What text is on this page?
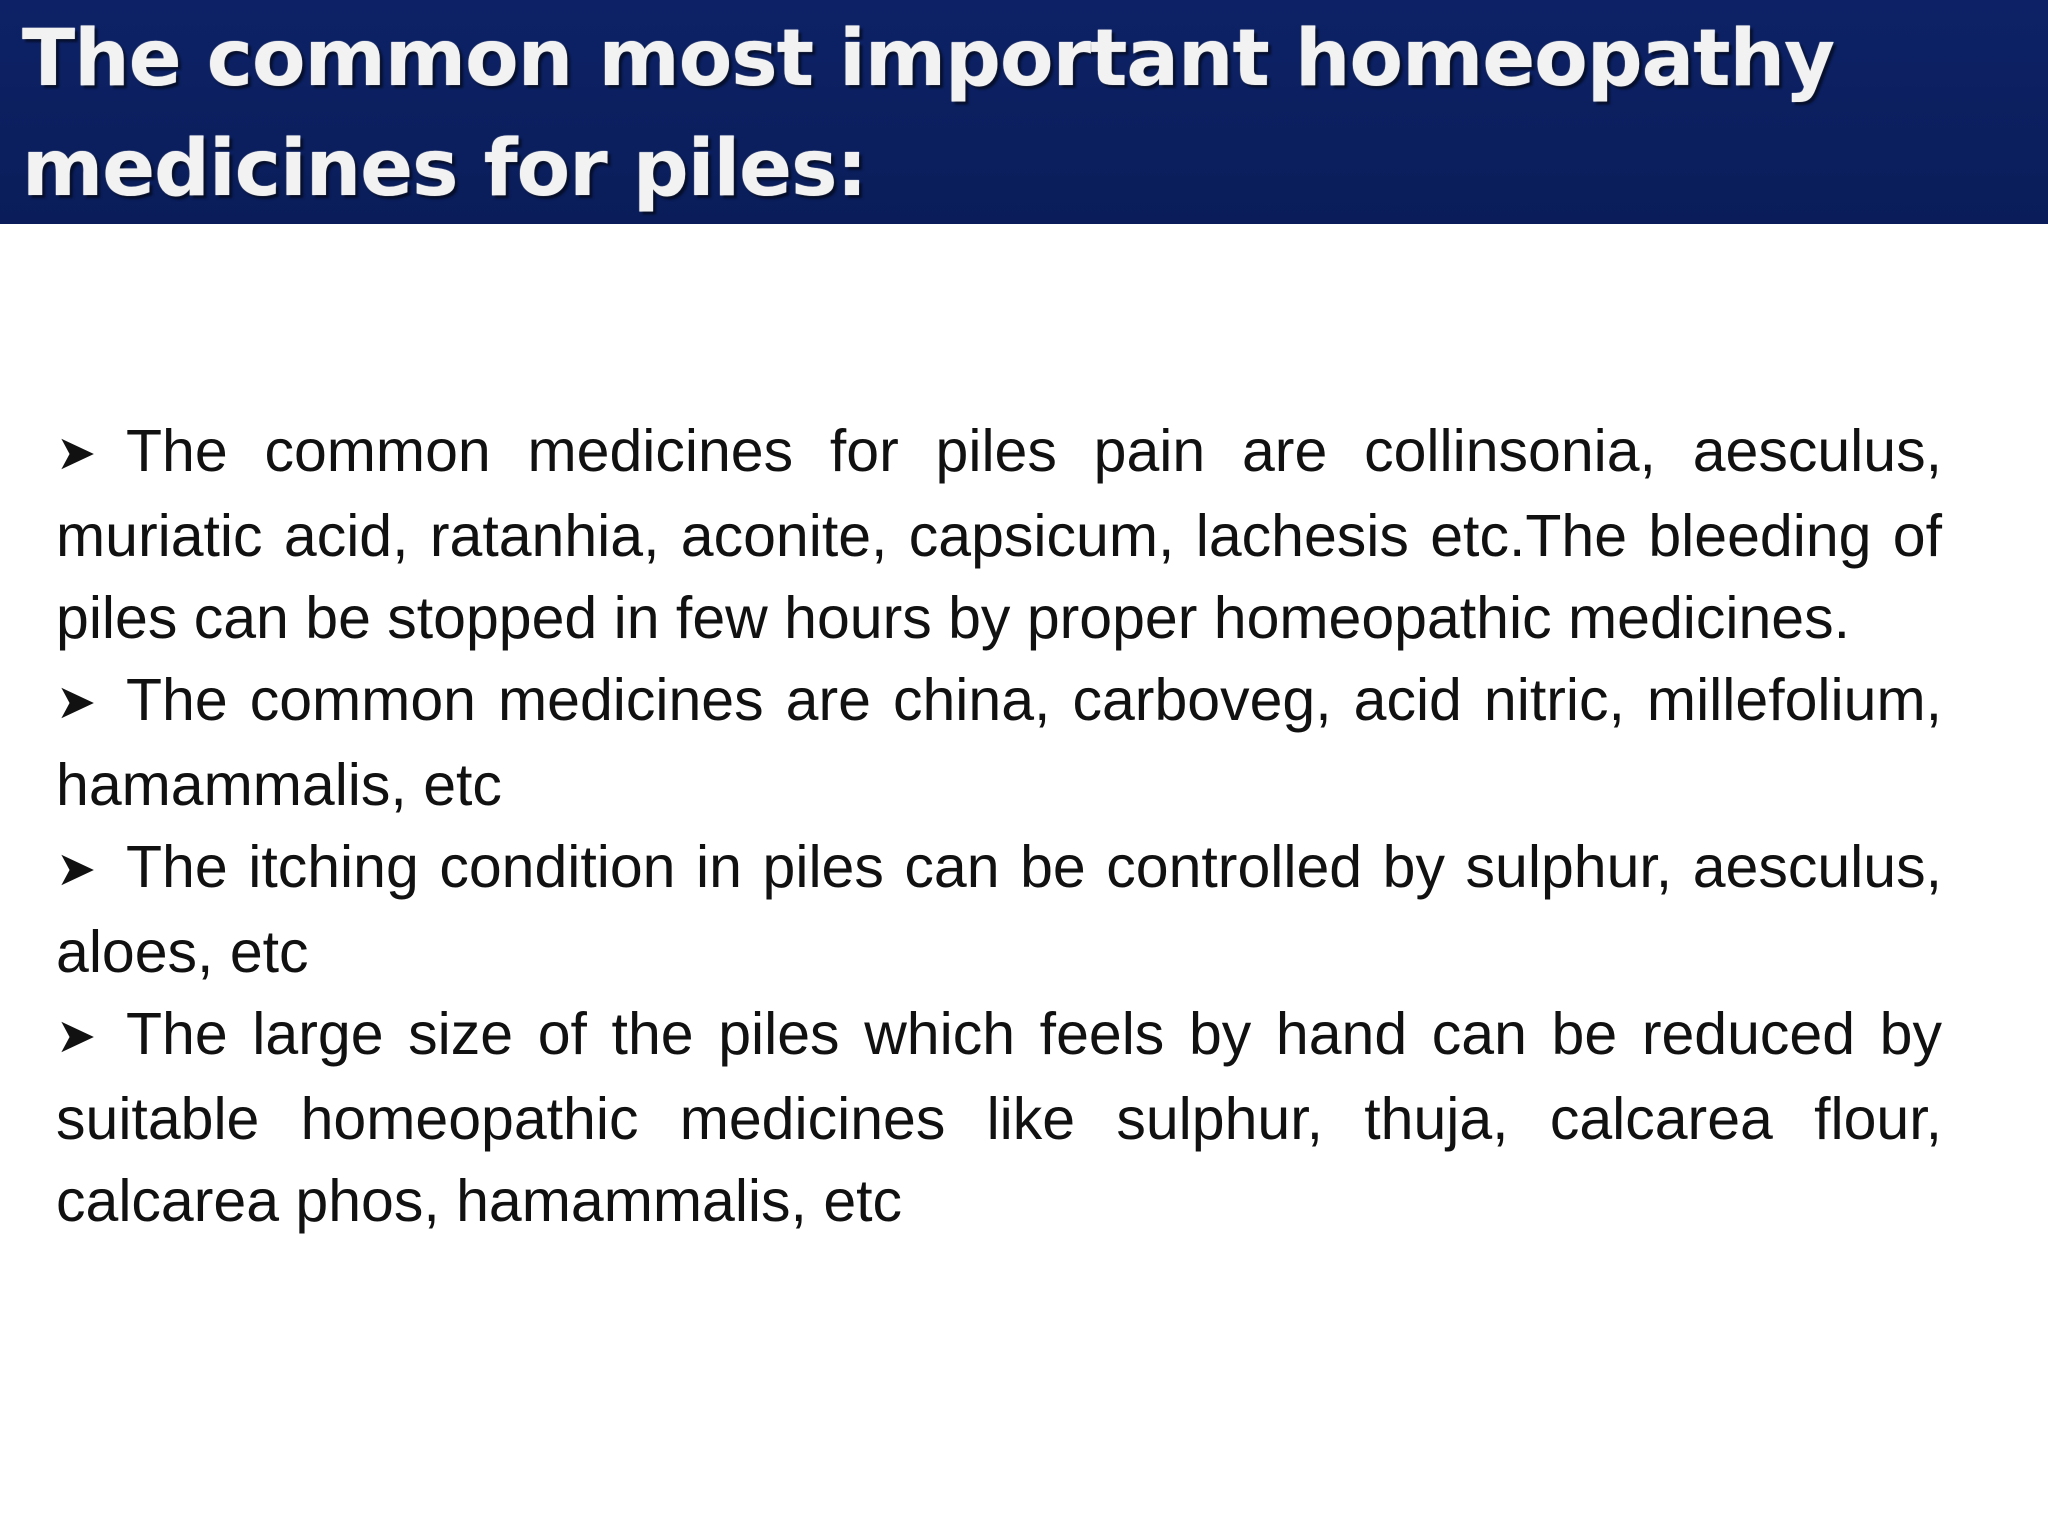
The common most important homeopathy medicines for piles:

➤ The common medicines for piles pain are collinsonia, aesculus, muriatic acid, ratanhia, aconite, capsicum, lachesis etc.The bleeding of piles can be stopped in few hours by proper homeopathic medicines.

➤ The common medicines are china, carboveg, acid nitric, millefolium, hamammalis, etc

➤ The itching condition in piles can be controlled by sulphur, aesculus, aloes, etc

➤ The large size of the piles which feels by hand can be reduced by suitable homeopathic medicines like sulphur, thuja, calcarea flour, calcarea phos, hamammalis, etc
